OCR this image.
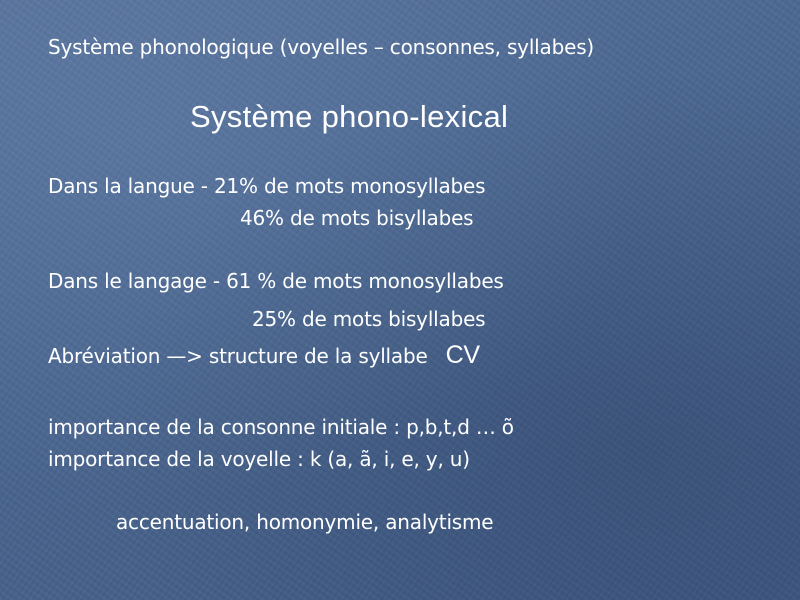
Système phonologique (voyelles – consonnes, syllabes)
Système phono-lexical
Dans la langue - 21% de mots monosyllabes
46% de mots bisyllabes
Dans le langage - 61 % de mots monosyllabes
25% de mots bisyllabes
Abréviation —> structure de la syllabe CV
importance de la consonne initiale : p,b,t,d … õ
importance de la voyelle : k (a, ã, i, e, y, u)
accentuation, homonymie, analytisme
